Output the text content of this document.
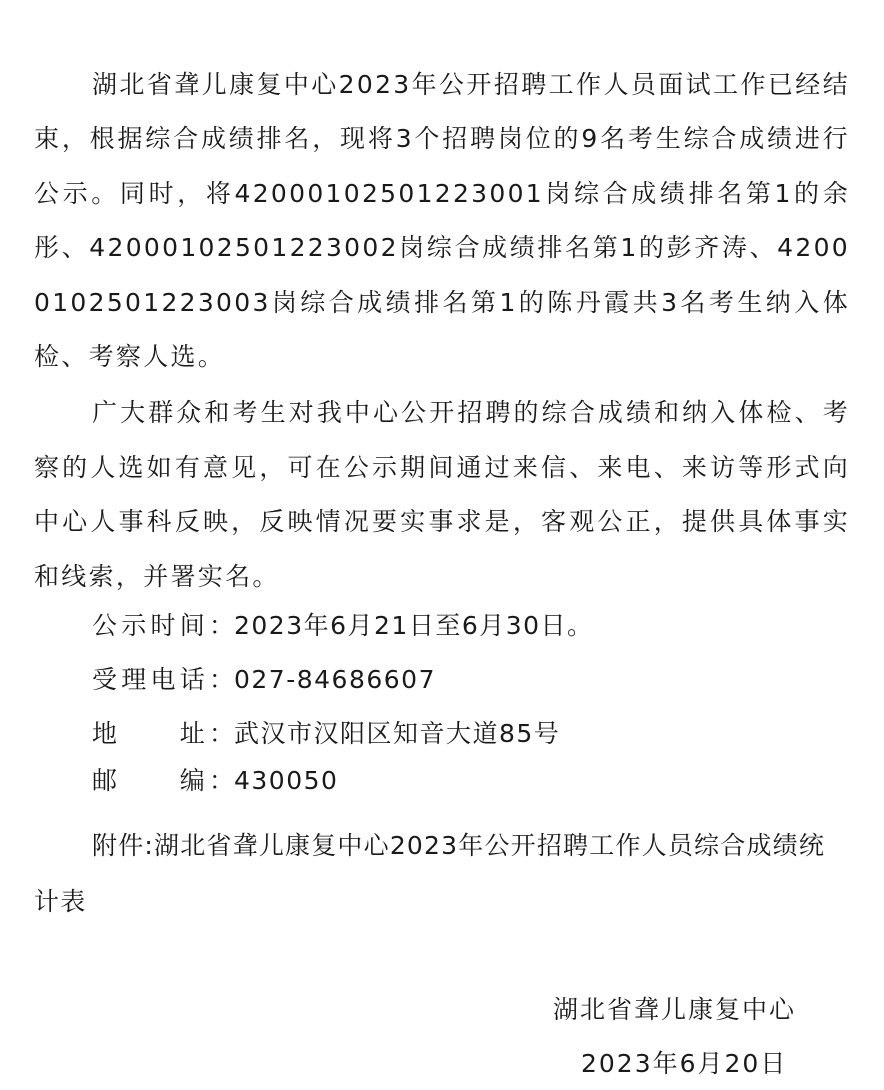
湖北省聋儿康复中心2023年公开招聘工作人员面试工作已经结束，根据综合成绩排名，现将3个招聘岗位的9名考生综合成绩进行公示。同时，将42000102501223001岗综合成绩排名第1的余彤、42000102501223002岗综合成绩排名第1的彭齐涛、42000102501223003岗综合成绩排名第1的陈丹霞共3名考生纳入体检、考察人选。

广大群众和考生对我中心公开招聘的综合成绩和纳入体检、考察的人选如有意见，可在公示期间通过来信、来电、来访等形式向中心人事科反映，反映情况要实事求是，客观公正，提供具体事实和线索，并署实名。

公示时间：2023年6月21日至6月30日。
受理电话：027-84686607
地　　址：武汉市汉阳区知音大道85号
邮　　编：430050
附件:湖北省聋儿康复中心2023年公开招聘工作人员综合成绩统计表
湖北省聋儿康复中心
2023年6月20日
